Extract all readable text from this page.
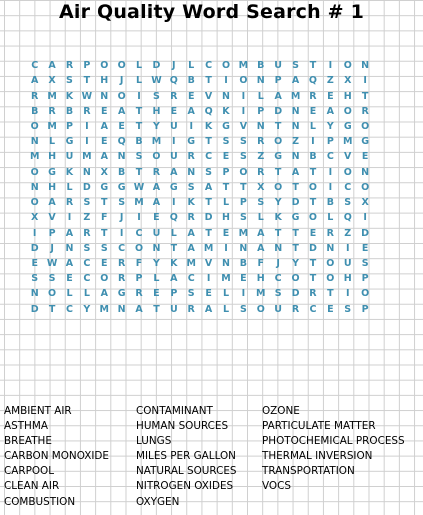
Air Quality Word Search # 1
C	A	R	P	O O	L	D	J	L	C	O M B	U	S	T	I	O N
A	X	S	T	H	J	L W Q	B	T	I	O N	P	A	Q	Z	X	I
R M K W N O	I	S	R	E	V	N	I	L	A M R	E	H	T
B	R	B	R	E	A	T	H	E	A	Q	K	I	P	D N	E	A	O	R
O M P	I	A	E	T	Y	U	I	K	G	V	N	T	N	L	Y	G O
N	L	G	I	E	Q	B M	I	G	T	S	S	R	O	Z	I	P M G
M H	U M A	N	S	O U	R	C	E	S	Z	G	N	B	C	V	E
O G	K	N	X	B	T	R	A	N	S	P	O	R	T	A	T	I	O N
N H	L	D	G	G W A	G	S	A	T	T	X	O	T	O	I	C	O
O	A	R	S	T	S M A	I	K	T	L	P	S	Y	D	T	B	S	X
X	V	I	Z	F	J	I	E	Q	R	D H	S	L	K	G O	L	Q	I
I	P	A	R	T	I	C	U	L	A	T	E M A	T	T	E	R	Z	D
D	J	N	S	S	C	O N	T	A M	I	N	A	N	T	D N	I	E
E W A	C	E	R	F	Y	K M V	N	B	F	J	Y	T	O U	S
S	S	E	C	O	R	P	L	A	C	I	M E	H	C	O	T	O H	P
N O	L	L	A	G	R	E	P	S	E	L	I	M S	D	R	T	I	O
D	T	C	Y M N	A	T	U	R	A	L	S	O U	R	C	E	S	P
AMBIENT AIR
ASTHMA
BREATHE
CARBON MONOXIDE
CARPOOL
CLEAN AIR
COMBUSTION
CONTAMINANT
HUMAN SOURCES
LUNGS
MILES PER GALLON
NATURAL SOURCES
NITROGEN OXIDES
OXYGEN
OZONE
PARTICULATE MATTER
PHOTOCHEMICAL PROCESS
THERMAL INVERSION
TRANSPORTATION
VOCS
